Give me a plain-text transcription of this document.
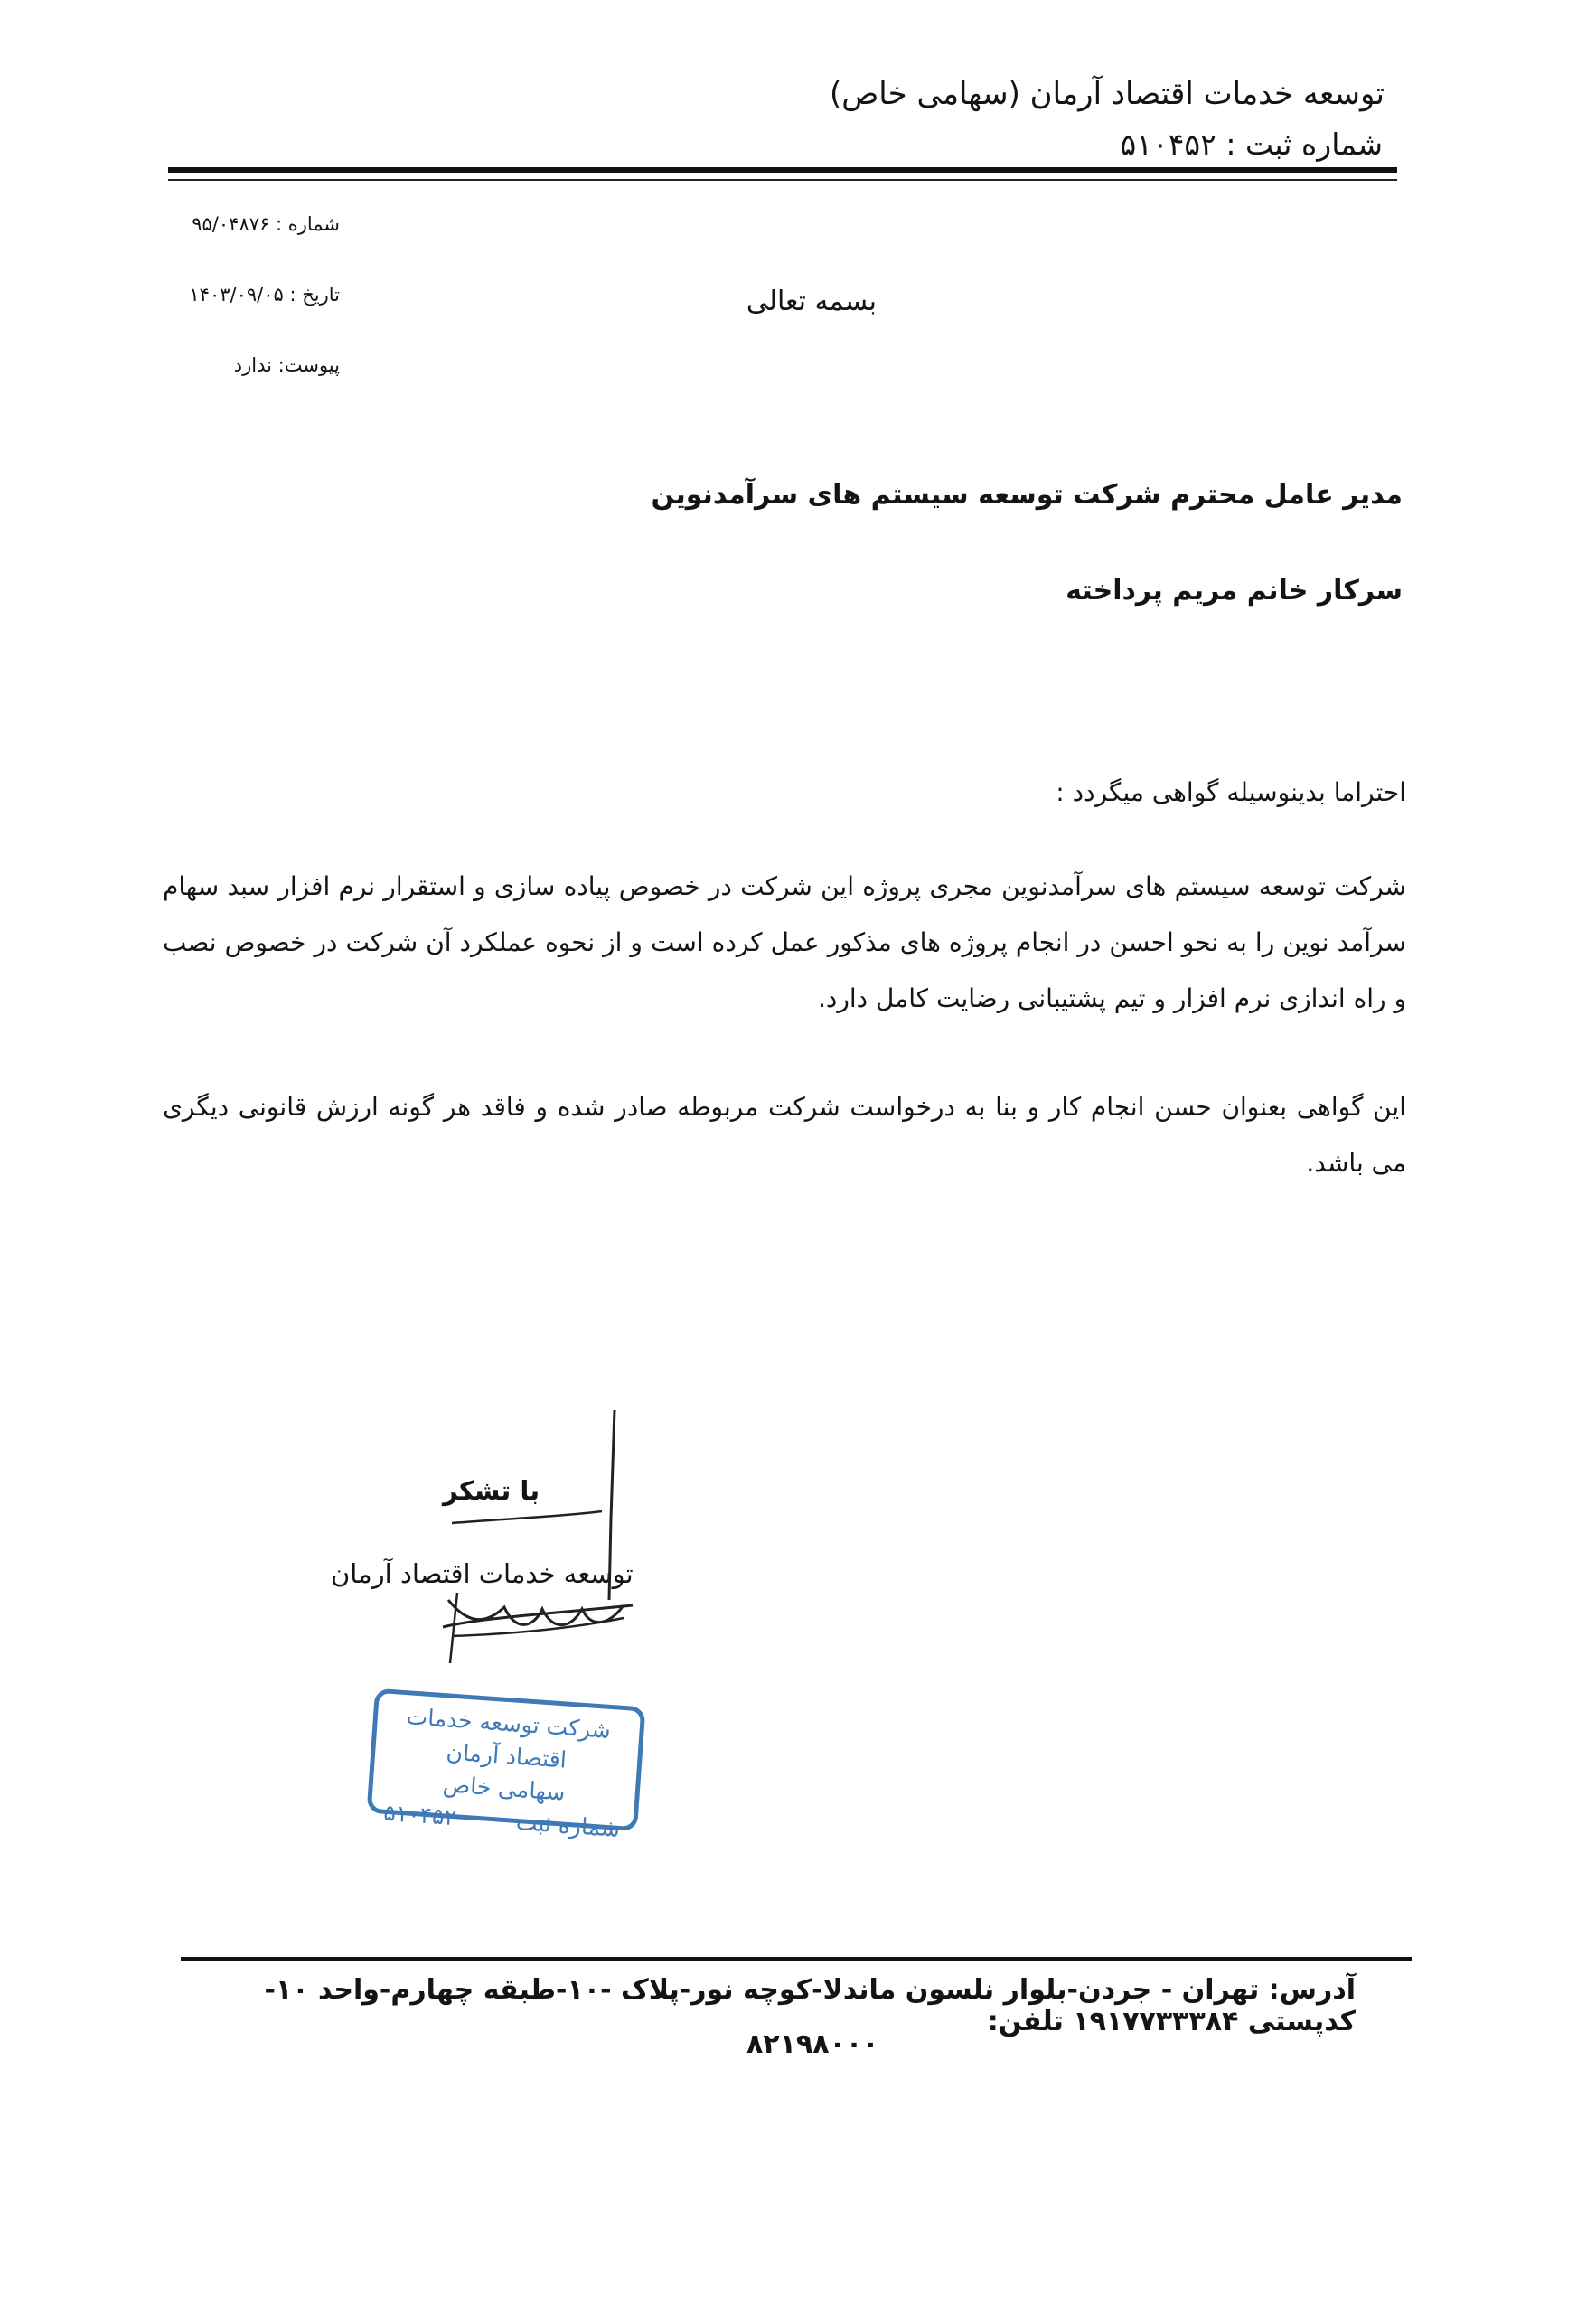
توسعه خدمات اقتصاد آرمان (سهامی خاص)
شماره ثبت : ۵۱۰۴۵۲
شماره : ۹۵/۰۴۸۷۶
تاریخ : ۱۴۰۳/۰۹/۰۵
پیوست: ندارد
بسمه تعالی
مدیر عامل محترم شرکت توسعه سیستم های سرآمدنوین
سرکار خانم مریم پرداخته
احتراما بدینوسیله گواهی میگردد :
شرکت توسعه سیستم های سرآمدنوین مجری پروژه این شرکت در خصوص پیاده سازی و استقرار نرم افزار سبد سهام سرآمد نوین را به نحو احسن در انجام پروژه های مذکور عمل کرده است و از نحوه عملکرد آن شرکت در خصوص نصب و راه اندازی نرم افزار و تیم پشتیبانی رضایت کامل دارد.
این گواهی بعنوان حسن انجام کار و بنا به درخواست شرکت مربوطه صادر شده و فاقد هر گونه ارزش قانونی دیگری می باشد.
با تشکر
توسعه خدمات اقتصاد آرمان
شرکت توسعه خدمات اقتصاد آرمان
سهامی خاص
شماره ثبت
۵۱۰۴۵۲
آدرس: تهران - جردن-بلوار نلسون ماندلا-کوچه نور-پلاک -۱۰-طبقه چهارم-واحد ۱۰- کدپستی ۱۹۱۷۷۳۳۳۸۴ تلفن:
۸۲۱۹۸۰۰۰
